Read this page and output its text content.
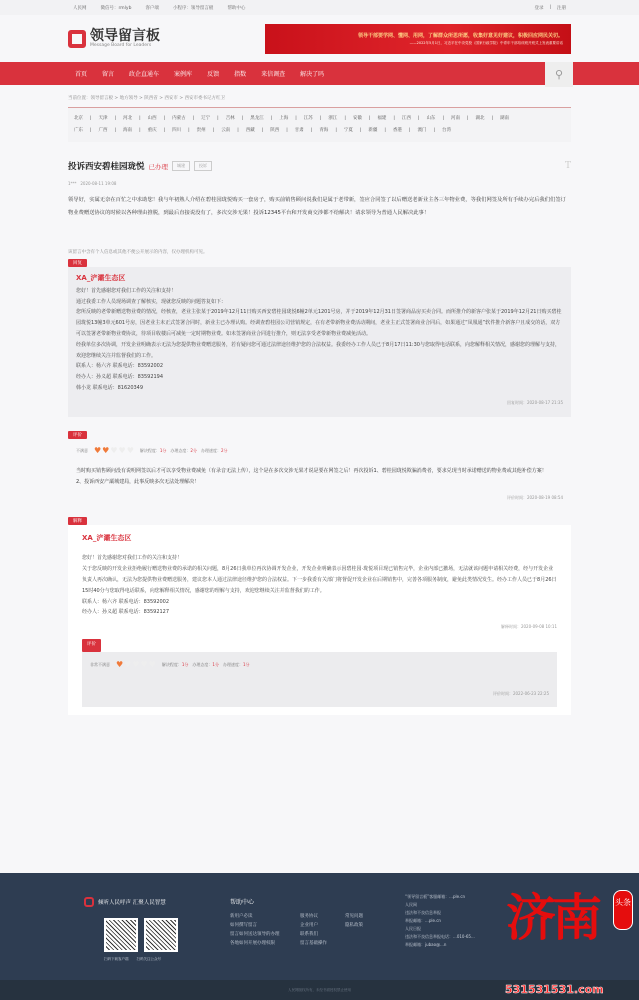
人民网	微信号：rmlyb	客户端	小程序：领导留言板	帮助中心	登录 | 注册
领导留言板
Message Board for Leaders
领导干部要学网、懂网、用网，了解群众所思所愿，收集好意见好建议，积极回应网民关切。
——2022年5月1日，习近平在中央党校（国家行政学院）中青年干部培训班开班式上发表重要讲话
首页	留言	政企直通车	案例库	反馈	指数	来信调查	解决了吗	⚲
当前位置：领导留言板 > 地方领导 > 陕西省 > 西安市 > 西安市委书记方红卫
北京 | 天津 | 河北 | 山西 | 内蒙古 | 辽宁 | 吉林 | 黑龙江 | 上海 | 江苏 | 浙江 | 安徽 | 福建 | 江西 | 山东 | 河南 | 湖北 | 湖南
广东 | 广西 | 海南 | 重庆 | 四川 | 贵州 | 云南 | 西藏 | 陕西 | 甘肃 | 青海 | 宁夏 | 新疆 | 香港 | 澳门 | 台湾
投诉西安碧桂园珑悦 已办理	城建	投诉	T
1*** 2020-08-11 19:08
领导好，实属无奈在百忙之中求助您！我与年初熟人介绍在碧桂园珑悦购买一套房子，购买前销售顾问说我们是属于老带新，签应合同签了以后赠送老新业主各三年物业费，等我们网签及所有手续办完后我们们签订物业费赠送协议的时候以各种理由推脱，到最后直接说没有了，多次交涉无果！投诉12345平台和开发商交涉都不给解决！请求领导为普通人民解决此事！
该留言中含有个人信息或其他不便公开展示的内容，仅办理机构可见。
回复
XA_浐灞生态区
您好！首先感谢您对我们工作的关注和支持！
通过我委工作人员现场调查了解核实，现就您反映的问题答复如下：
您所反映的老带新赠送物业费的情况，经核查，老业主张某于2019年12月11日购买西安碧桂园珑悦6幢2单元1201号房，并于2019年12月31日签署商品房买卖合同。而所推介的新客户张某于2019年12月21日购买碧桂园珑悦13幢3单元601号房，因老业主未正式签署合同时，新业主已办理认购。经调查碧桂园公司营销规定，在有老带新物业费活动期间，老业主正式签署商业合同后，如果通过“凤凰通”软件推介新客户且成交的话，双方可以签署老带新物业费协议，待项目收楼后可减免一定时期物业费。如未签署商业合同进行推介，则无法享受老带新物业费减免活动。
经我单位多次协调，开发企业明确表示无法为您提供物业费赠送服务，若有疑问您可通过法律途径维护您的合法权益。我委经办工作人员已于8月17日11:30与您取得电话联系，向您解释相关情况，感谢您的理解与支持，欢迎您继续关注并监督我们的工作。
联系人：杨六齐 联系电话：83592002
经办人：孙义超 联系电话：83592194
韩小龙 联系电话：81620349
回复时间：2020-08-17 21:35
评价
不满意 ♥ ♥ ♥ ♥ ♥ 解决程度：1分 办理态度：2分 办理速度：2分
当时购买销售顾问没有说明网签以后才可以享受物业费减免（有录音无法上传），这个是在多次交涉无果才说是要在网签之后！再次投诉1、碧桂园珑悦欺骗消费者，要求兑现当时承诺赠送的物业费或其他补偿方案！
2、投诉西安产灞城建局，此事反映多次无法处理解决！
评价时间：2020-08-19 08:54
解释
XA_浐灞生态区
您好！首先感谢您对我们工作的关注和支持！
关于您反映的开发企业拒绝履行赠送物业费的承诺的相关问题，8月26日我单位再次协调开发企业，开发企业明确表示因碧桂园·珑悦项目现已销售完毕，企业内部已撤场，无法就该问题申请相关经费，经与开发企业负责人再次确认，无法为您提供物业费赠送服务，建议您本人通过法律途径维护您的合法权益。下一步我委有关部门将督促开发企业在后期销售中，完善各项服务制度，避免此类情况发生。经办工作人员已于8月26日15时40分与您取得电话联系，向您解释相关情况，感谢您的理解与支持，欢迎您继续关注并监督我们的工作。
联系人：杨六齐 联系电话：83592002
经办人：孙义超 联系电话：83592127
解释时间：2020-09-08 10:11
评价
非常不满意 ♥ ♥ ♥ ♥ ♥ 解决程度：1分 办理态度：1分 办理速度：1分
评价时间：2022-06-23 22:25
倾听人民呼声 汇聚人民智慧
扫码下载客户端 扫码关注公众号
帮助中心
新用户必读
如何撰写留言
留言如何送达领导的办理
各地如何开展办理权限
服务协议
企业用户
联系我们
留言基础操作
常见问题
隐私政策
“领导留言板”客服邮箱：...ple.cn
人民网
违法和不良信息举报
举报邮箱：...ple.cn
人民日报
违法和不良信息举报电话：...010-65...
举报邮箱：jubao@...n
人民网版权所有，未经书面授权禁止使用
济南 头条
531531531.com
